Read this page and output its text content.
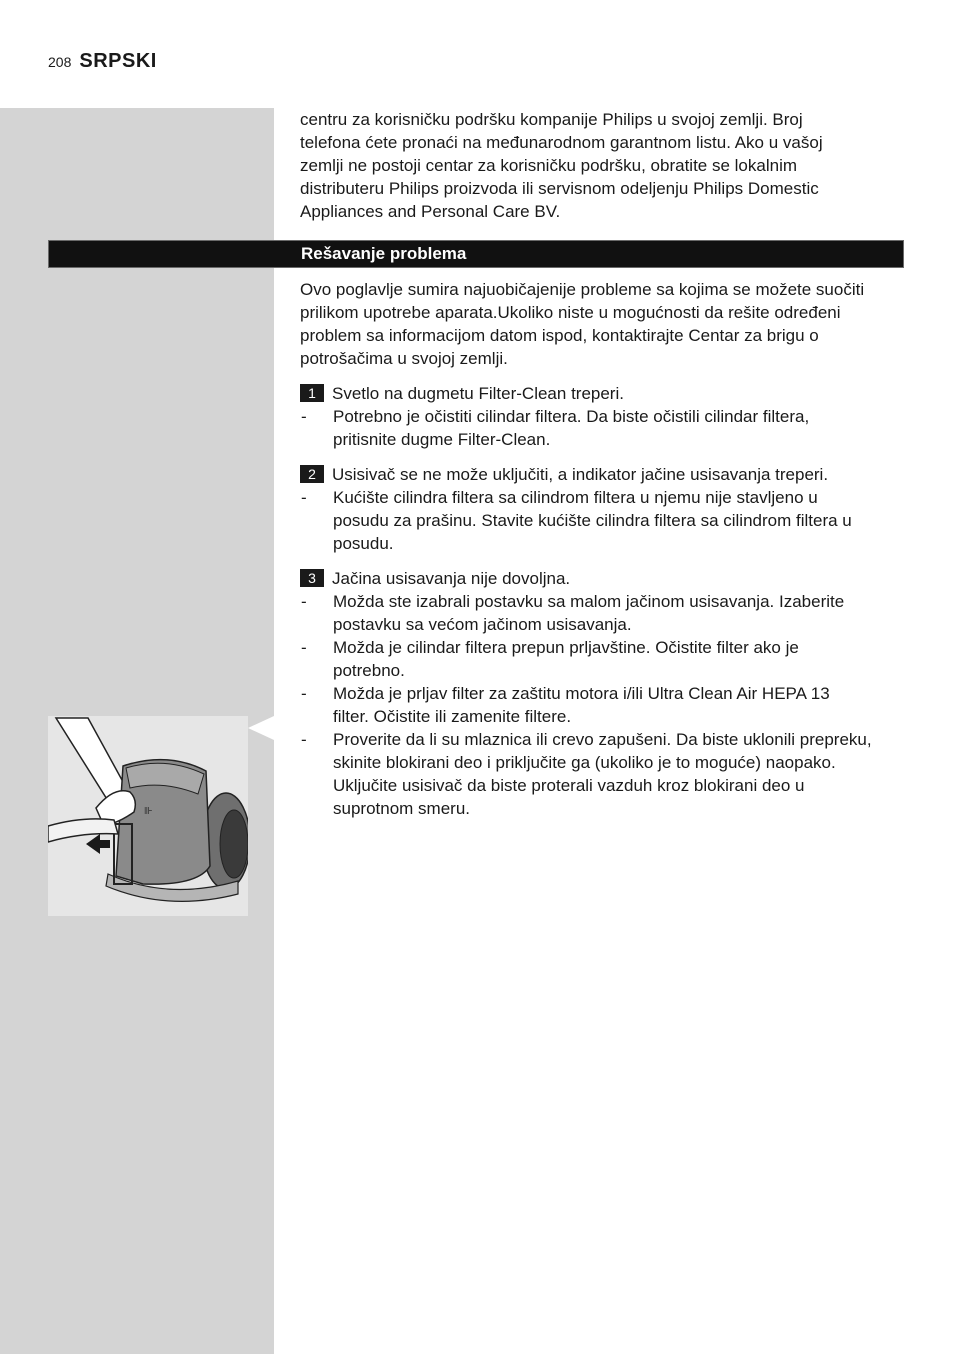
208 SRPSKI
centru za korisničku podršku kompanije Philips u svojoj zemlji. Broj
telefona ćete pronaći na međunarodnom garantnom listu. Ako u vašoj
zemlji ne postoji centar za korisničku podršku, obratite se lokalnim
distributeru Philips proizvoda ili servisnom odeljenju Philips Domestic
Appliances and Personal Care BV.
Rešavanje problema

Ovo poglavlje sumira najuobičajenije probleme sa kojima se možete suočiti
prilikom upotrebe aparata.Ukoliko niste u mogućnosti da rešite određeni
problem sa informacijom datom ispod, kontaktirajte Centar za brigu o
potrošačima u svojoj zemlji.

1 Svetlo na dugmetu Filter-Clean treperi.
-	Potrebno je očistiti cilindar filtera. Da biste očistili cilindar filtera,
pritisnite dugme Filter-Clean.
2 Usisivač se ne može uključiti, a indikator jačine usisavanja treperi.
-	Kućište cilindra filtera sa cilindrom filtera u njemu nije stavljeno u
posudu za prašinu. Stavite kućište cilindra filtera sa cilindrom filtera u
posudu.
3 Jačina usisavanja nije dovoljna.
-	Možda ste izabrali postavku sa malom jačinom usisavanja. Izaberite
postavku sa većom jačinom usisavanja.
-	Možda je cilindar filtera prepun prljavštine. Očistite filter ako je
potrebno.
-	Možda je prljav filter za zaštitu motora i/ili Ultra Clean Air HEPA 13
filter. Očistite ili zamenite filtere.
-	Proverite da li su mlaznica ili crevo zapušeni. Da biste uklonili prepreku,
skinite blokirani deo i priključite ga (ukoliko je to moguće) naopako.
Uključite usisivač da biste proterali vazduh kroz blokirani deo u
suprotnom smeru.
⊪
